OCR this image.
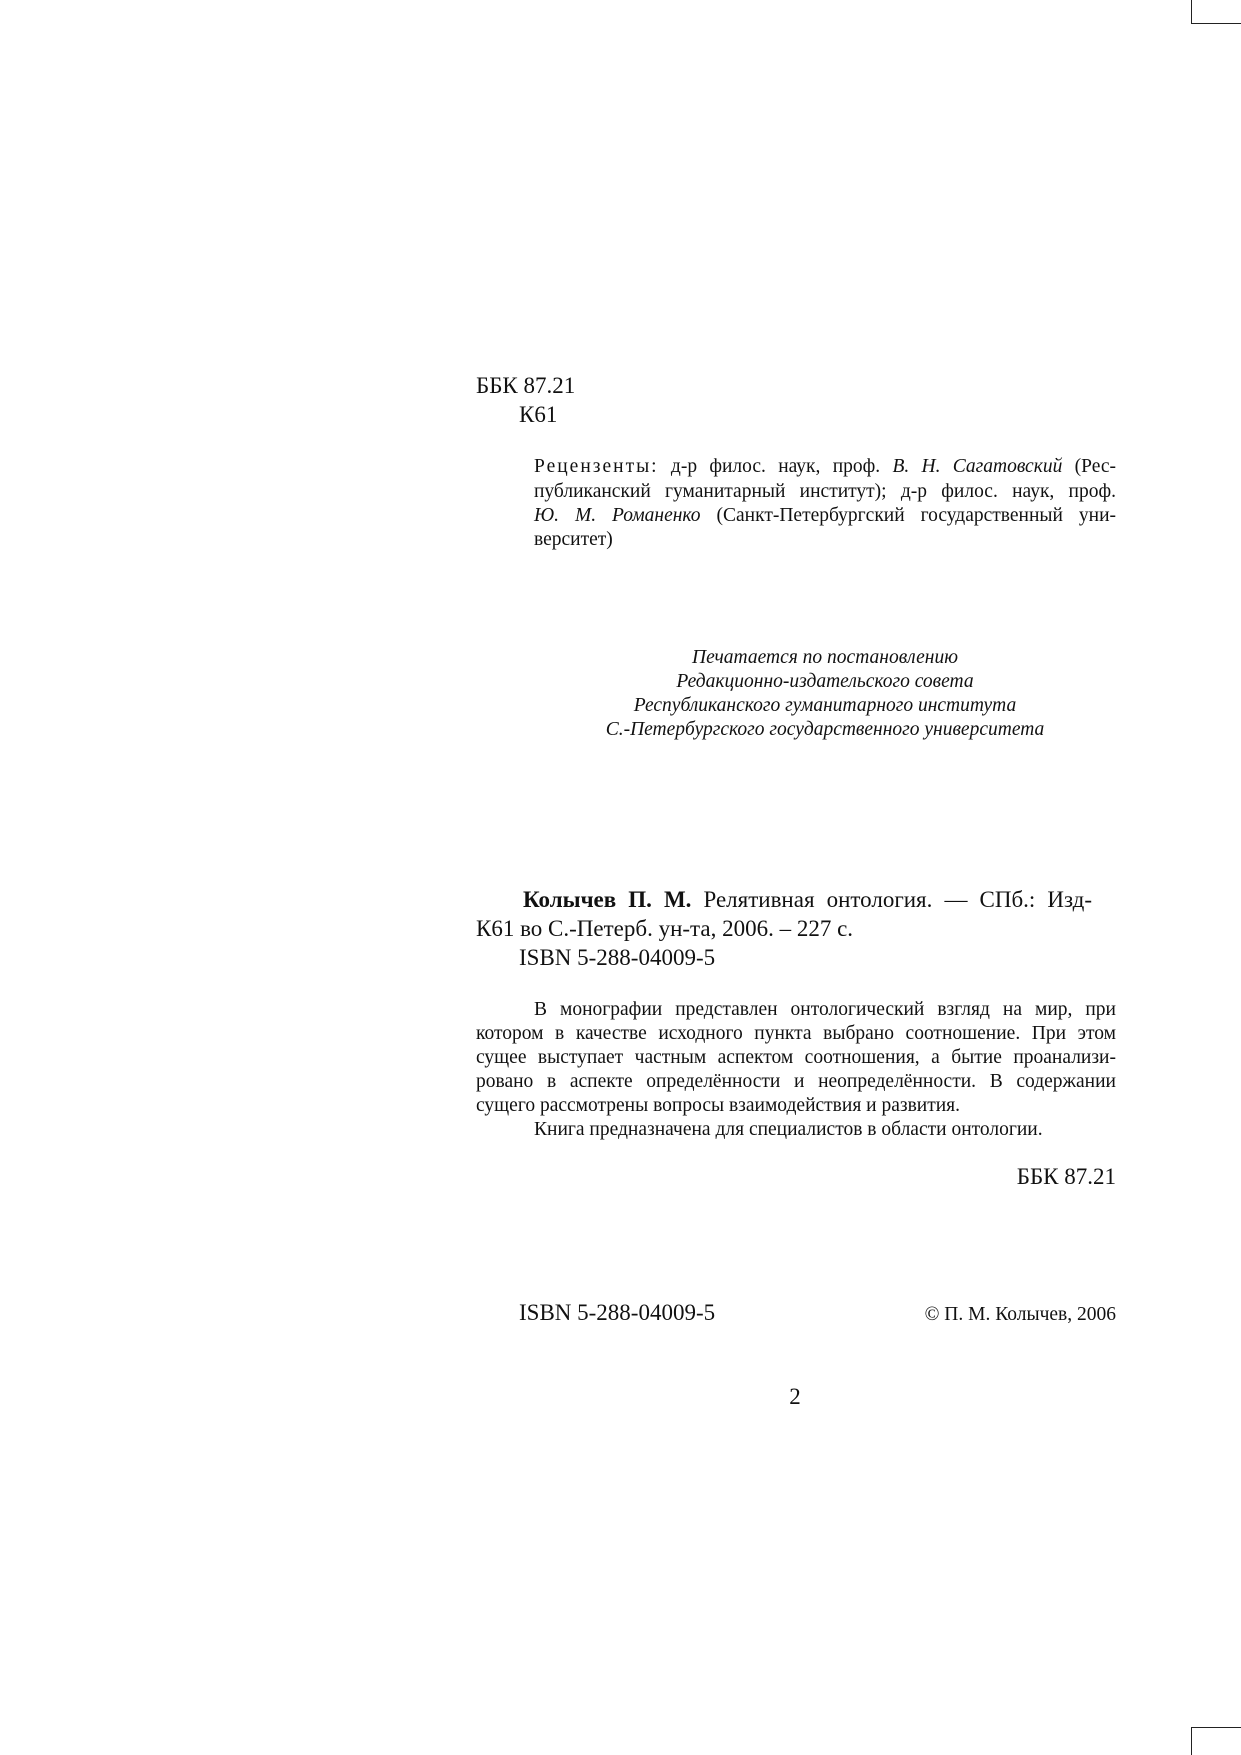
ББК 87.21
К61
Рецензенты: д-р филос. наук, проф. В. Н. Сагатовский (Рес-
публиканский гуманитарный институт); д-р филос. наук, проф.
Ю. М. Романенко (Санкт-Петербургский государственный уни-
верситет)
Печатается по постановлению
Редакционно-издательского совета
Республиканского гуманитарного института
С.-Петербургского государственного университета
Колычев П. М. Релятивная онтология. — СПб.: Изд-
К61 во С.-Петерб. ун-та, 2006. – 227 с.
ISBN 5-288-04009-5
В монографии представлен онтологический взгляд на мир, при
котором в качестве исходного пункта выбрано соотношение. При этом
сущее выступает частным аспектом соотношения, а бытие проанализи-
ровано в аспекте определённости и неопределённости. В содержании
сущего рассмотрены вопросы взаимодействия и развития.
Книга предназначена для специалистов в области онтологии.
ББК 87.21
ISBN 5-288-04009-5	© П. М. Колычев, 2006
2
